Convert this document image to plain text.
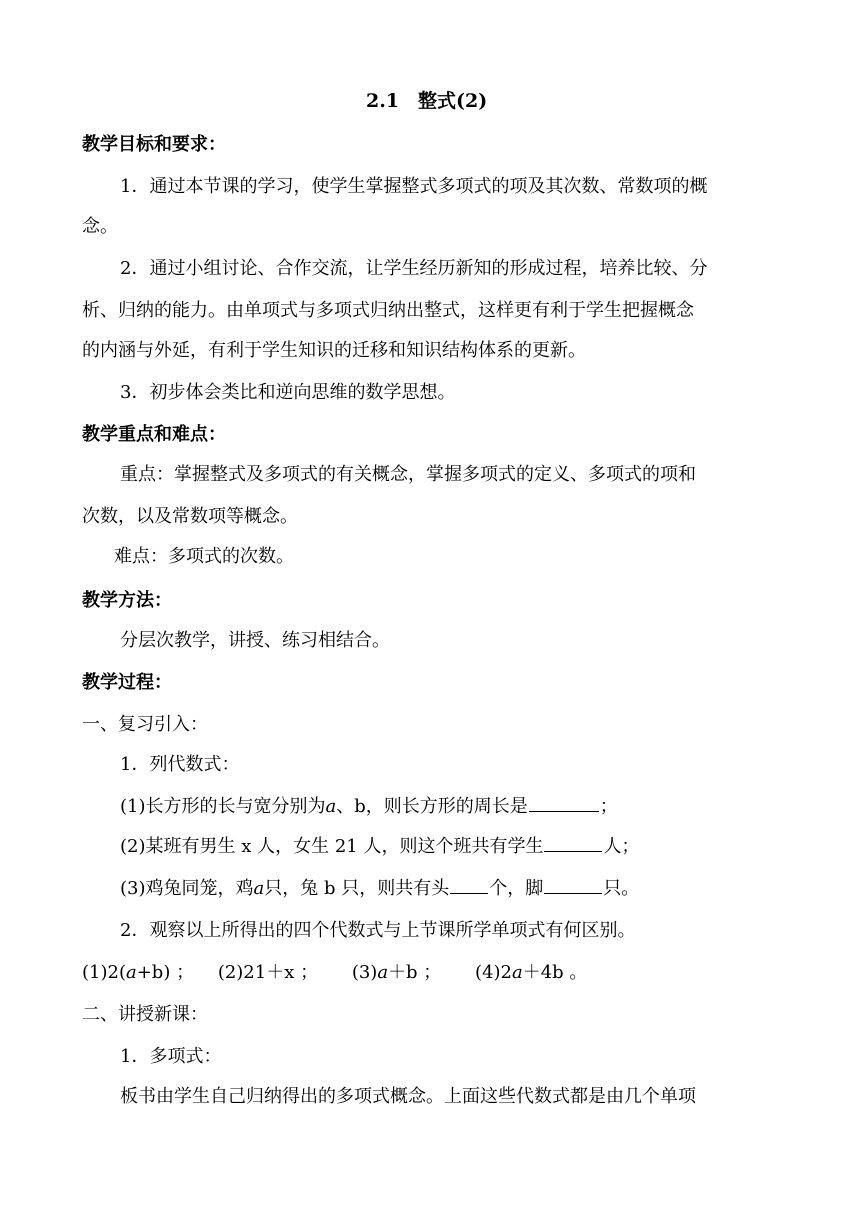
2.1　整式(2)
教学目标和要求：
1．通过本节课的学习，使学生掌握整式多项式的项及其次数、常数项的概
念。
2．通过小组讨论、合作交流，让学生经历新知的形成过程，培养比较、分
析、归纳的能力。由单项式与多项式归纳出整式，这样更有利于学生把握概念
的内涵与外延，有利于学生知识的迁移和知识结构体系的更新。
3．初步体会类比和逆向思维的数学思想。
教学重点和难点：
重点：掌握整式及多项式的有关概念，掌握多项式的定义、多项式的项和
次数，以及常数项等概念。
难点：多项式的次数。
教学方法：
分层次教学，讲授、练习相结合。
教学过程：
一、复习引入：
1．列代数式：
(1)长方形的长与宽分别为a、b，则长方形的周长是	；
(2)某班有男生 x 人，女生 21 人，则这个班共有学生	人；
(3)鸡兔同笼，鸡a只，兔 b 只，则共有头 个，脚	只。
2．观察以上所得出的四个代数式与上节课所学单项式有何区别。
(1)2(a+b) ； (2)21＋x ； (3)a＋b ； (4)2a＋4b 。
二、讲授新课：
1．多项式：
板书由学生自己归纳得出的多项式概念。上面这些代数式都是由几个单项
